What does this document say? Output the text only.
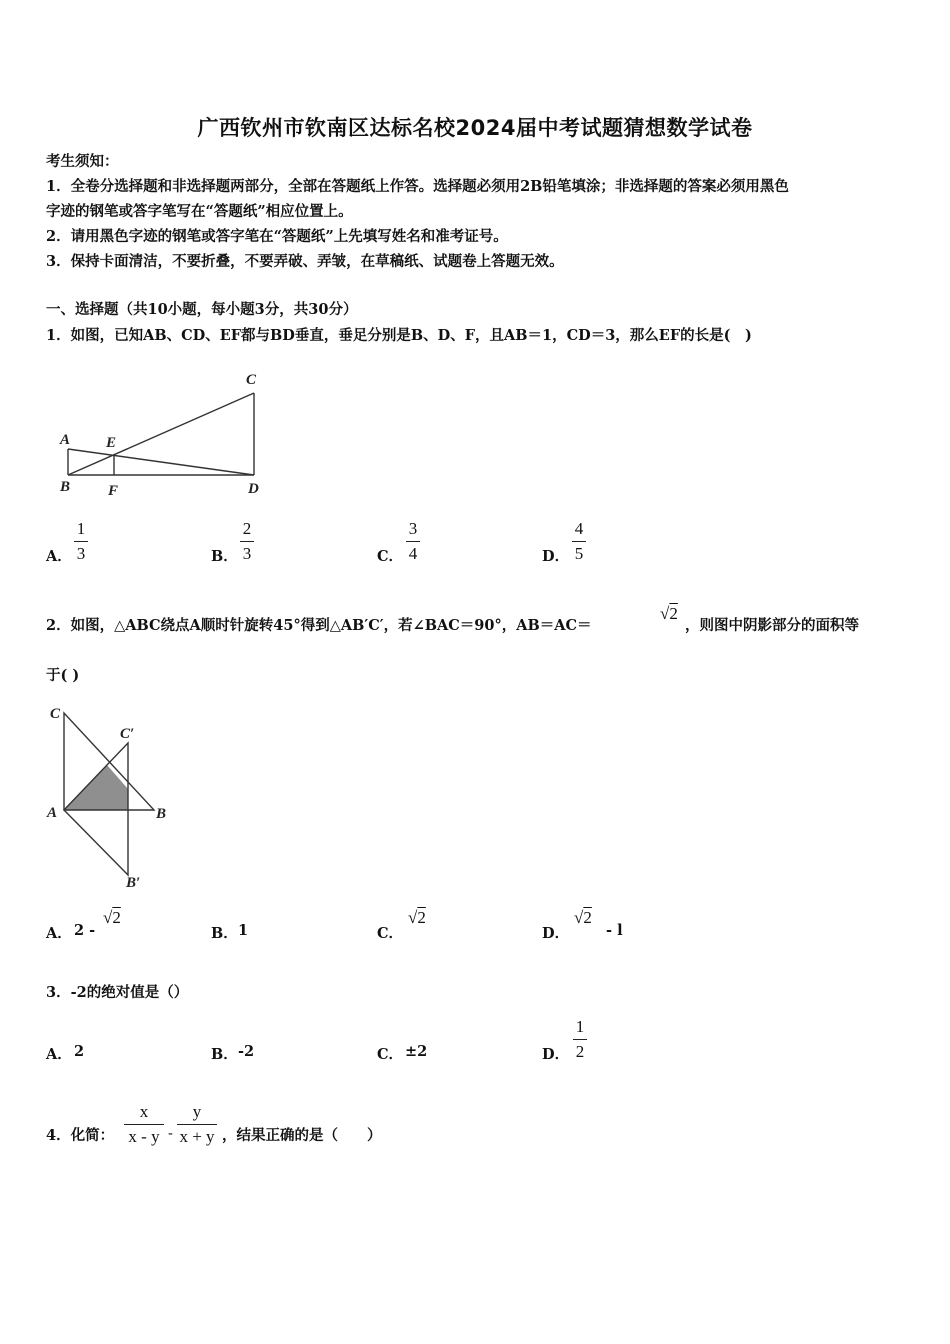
广西钦州市钦南区达标名校2024届中考试题猜想数学试卷
考生须知：
1．全卷分选择题和非选择题两部分，全部在答题纸上作答。选择题必须用2B铅笔填涂；非选择题的答案必须用黑色
字迹的钢笔或答字笔写在“答题纸”相应位置上。
2．请用黑色字迹的钢笔或答字笔在“答题纸”上先填写姓名和准考证号。
3．保持卡面清洁，不要折叠，不要弄破、弄皱，在草稿纸、试题卷上答题无效。
一、选择题（共10小题，每小题3分，共30分）
1．如图，已知AB、CD、EF都与BD垂直，垂足分别是B、D、F，且AB＝1，CD＝3，那么EF的长是(　)
A
B
C
D
E
F
A．
1
3	B．
2
3	C．
3
4	D．
4
5
2．如图，△ABC绕点A顺时针旋转45°得到△AB′C′，若∠BAC＝90°，AB＝AC＝
√2
，则图中阴影部分的面积等
于( )
C
C′
A	B
B′
A． 2 -
√2
B． 1	C．
√2
D．
√2
- l
3．-2的绝对值是（）
A． 2	B． -2	C． ±2	D．
1
2
4．化简：
x
x - y -
y
x + y ，结果正确的是（　　）
